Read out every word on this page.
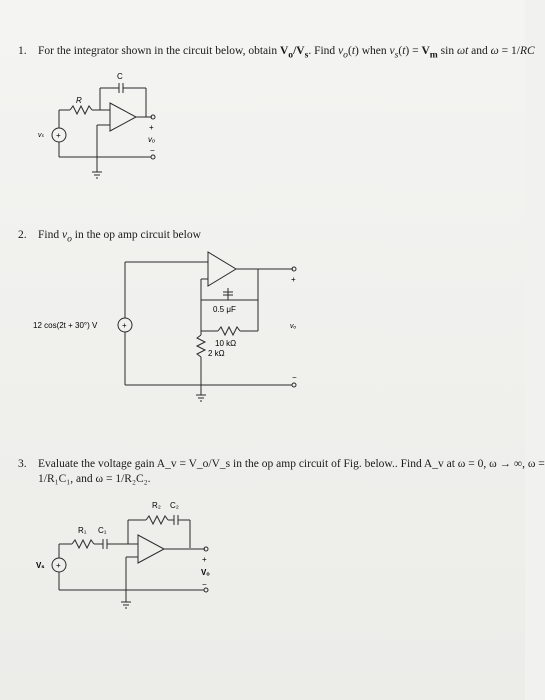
1. For the integrator shown in the circuit below, obtain $V_o/V_s$. Find $v_o(t)$ when $v_s(t) = V_m$ sin ωt and ω = 1/RC
2. Find $v_o$ in the op amp circuit below
3. Evaluate the voltage gain A_v = V_o/V_s in the op amp circuit of Fig. below.. Find A_v at ω = 0, ω → ∞, ω =
1/R₁C₁, and ω = 1/R₂C₂.
C
R
vₛ +
+
vₒ
−
0.5 μF
10 kΩ
2 kΩ
12 cos(2t + 30°) V	+
+
vₒ
−
R₂ C₂
R₁ C₁
Vₛ +
+
Vₒ
−
